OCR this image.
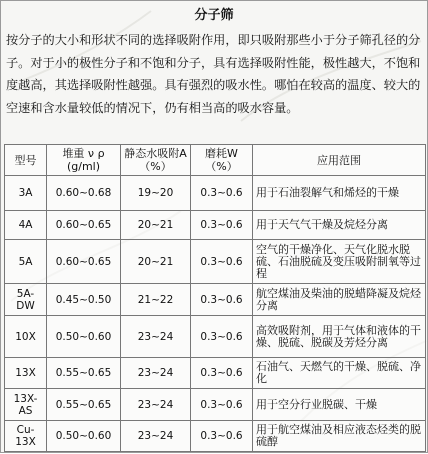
分子筛
按分子的大小和形状不同的选择吸附作用，即只吸附那些小于分子筛孔径的分子。对于小的极性分子和不饱和分子，具有选择吸附性能，极性越大，不饱和度越高，其选择吸附性越强。具有强烈的吸水性。哪怕在较高的温度、较大的空速和含水量较低的情况下，仍有相当高的吸水容量。
型号	堆重 ν ρ (g/ml)	静态水吸附A（%）	磨耗W（%）	应用范围
3A	0.60~0.68	19~20	0.3~0.6	用于石油裂解气和烯烃的干燥
4A	0.60~0.65	20~21	0.3~0.6	用于天气气干燥及烷烃分离
5A	0.60~0.65	20~21	0.3~0.6	空气的干燥净化、天气化脱水脱硫、石油脱硫及变压吸附制氧等过程
5A-DW	0.45~0.50	21~22	0.3~0.6	航空煤油及柴油的脱蜡降凝及烷烃分离
10X	0.50~0.60	23~24	0.3~0.6	高效吸附剂，用于气体和液体的干燥、脱硫、脱碳及芳烃分离
13X	0.55~0.65	23~24	0.3~0.6	石油气、天燃气的干燥、脱硫、净化
13X-AS	0.55~0.65	23~24	0.3~0.6	用于空分行业脱碳、干燥
Cu-13X	0.50~0.60	23~24	0.3~0.6	用于航空煤油及相应液态烃类的脱硫醇
